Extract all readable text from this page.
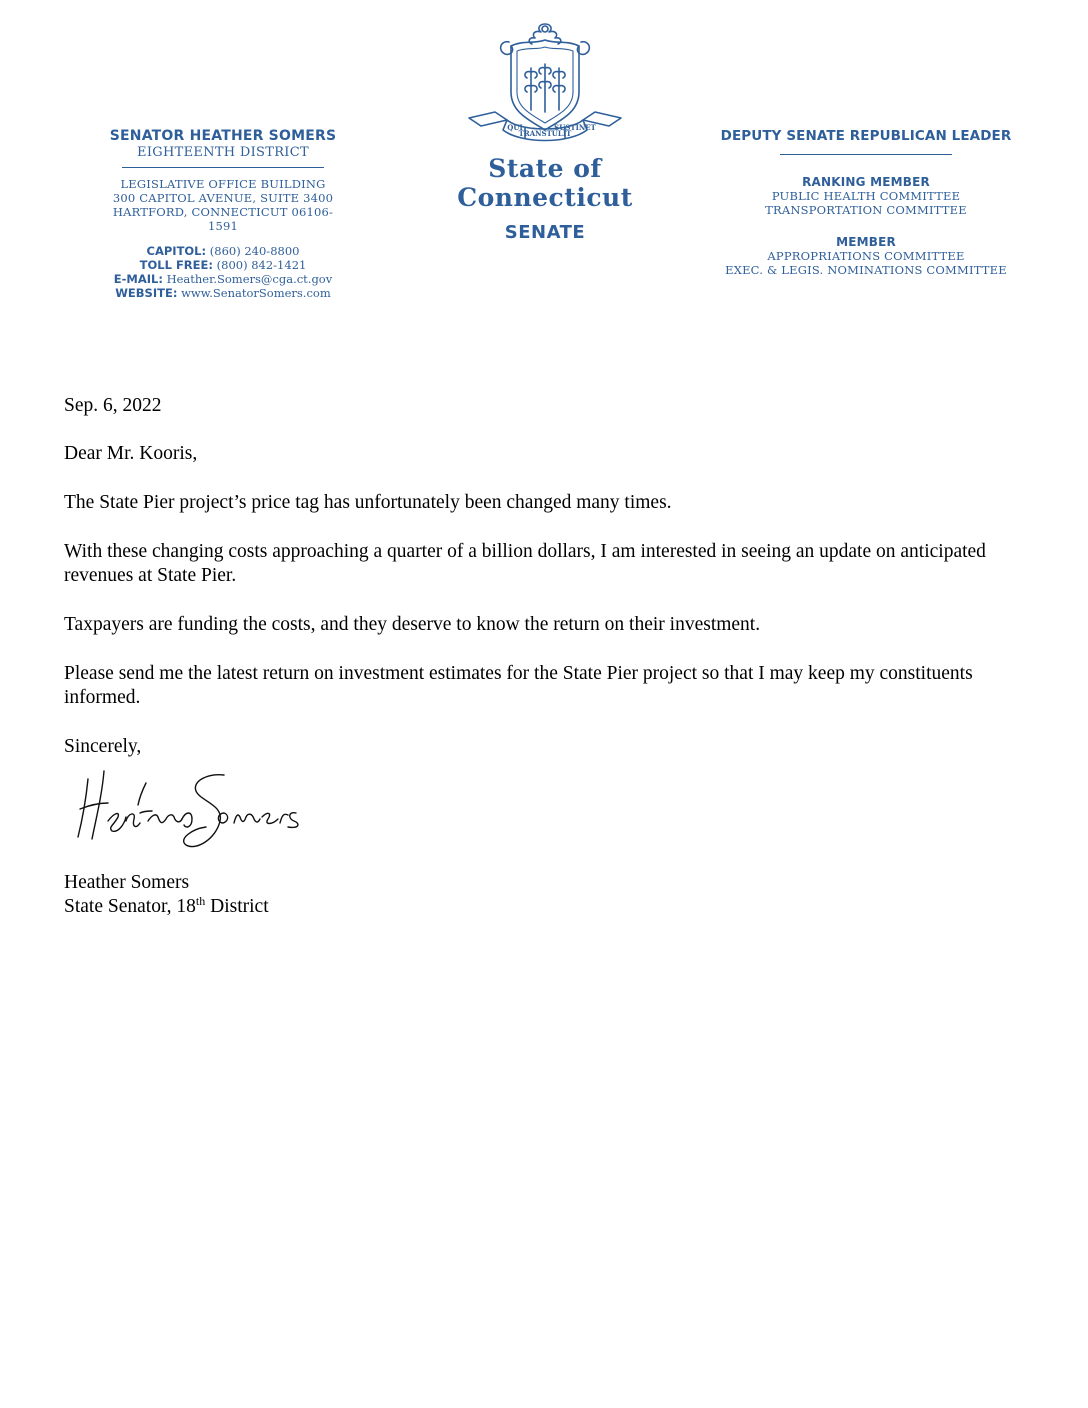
SENATOR HEATHER SOMERS
EIGHTEENTH DISTRICT
LEGISLATIVE OFFICE BUILDING
300 CAPITOL AVENUE, SUITE 3400
HARTFORD, CONNECTICUT 06106-1591
CAPITOL: (860) 240-8800
TOLL FREE: (800) 842-1421
E-MAIL: Heather.Somers@cga.ct.gov
WEBSITE: www.SenatorSomers.com
QUI
TRANSTULIT
SUSTINET
State of Connecticut
SENATE
DEPUTY SENATE REPUBLICAN LEADER
RANKING MEMBER
PUBLIC HEALTH COMMITTEE
TRANSPORTATION COMMITTEE
MEMBER
APPROPRIATIONS COMMITTEE
EXEC. & LEGIS. NOMINATIONS COMMITTEE

Sep. 6, 2022

Dear Mr. Kooris,

The State Pier project’s price tag has unfortunately been changed many times.

With these changing costs approaching a quarter of a billion dollars, I am interested in seeing an update on anticipated revenues at State Pier.

Taxpayers are funding the costs, and they deserve to know the return on their investment.

Please send me the latest return on investment estimates for the State Pier project so that I may keep my constituents informed.

Sincerely,

Heather Somers

State Senator, 18th District
